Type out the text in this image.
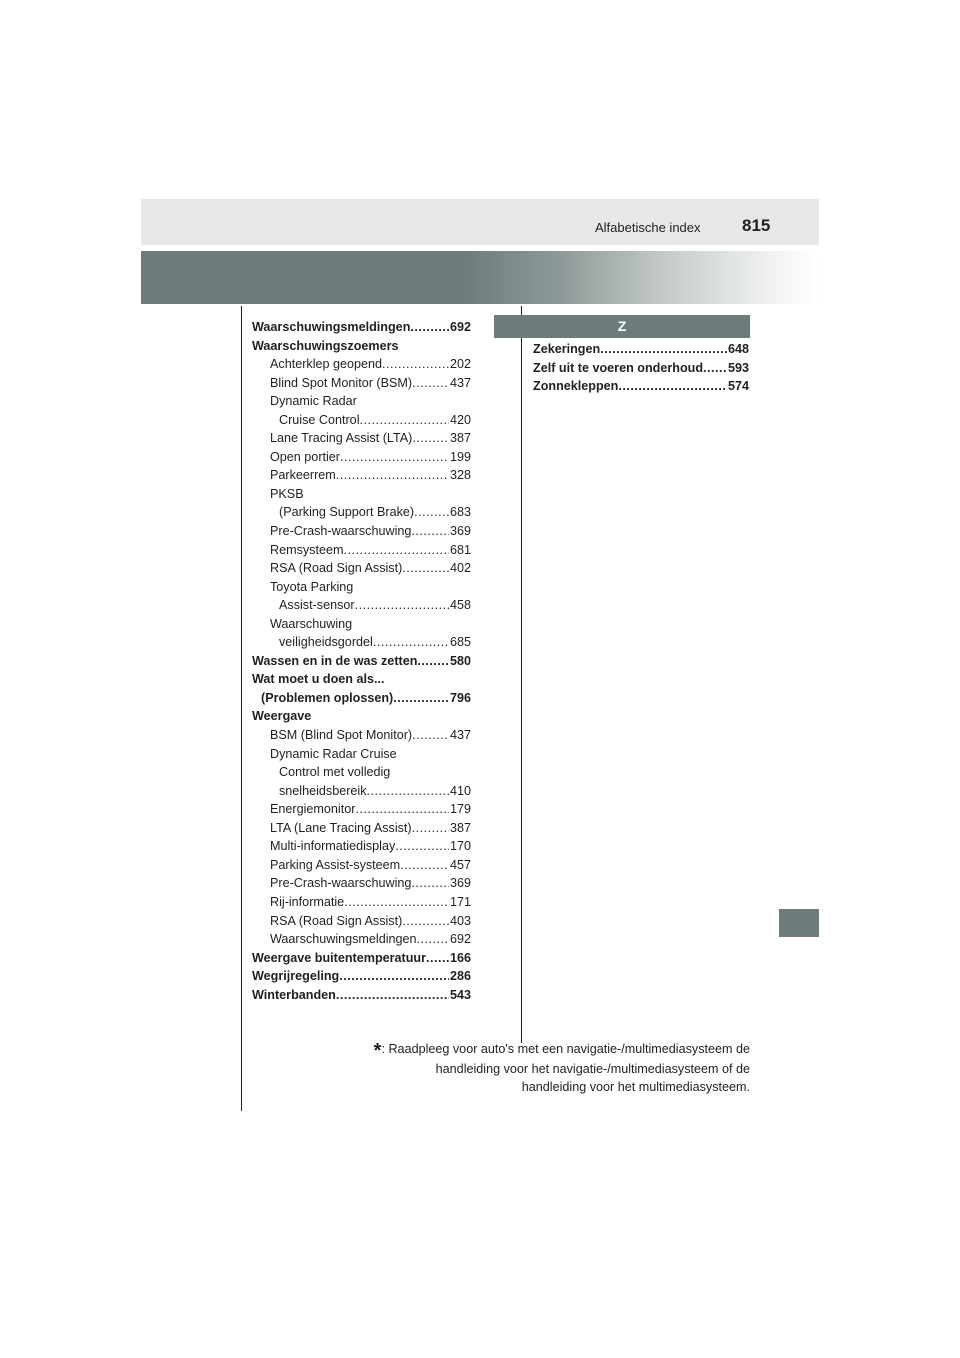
Alfabetische index 815
Waarschuwingsmeldingen .....	692
Waarschuwingszoemers
Achterklep geopend .....	202
Blind Spot Monitor (BSM) .....	437
Dynamic Radar
Cruise Control .....	420
Lane Tracing Assist (LTA) .....	387
Open portier .....	199
Parkeerrem .....	328
PKSB
(Parking Support Brake) .....	683
Pre-Crash-waarschuwing .....	369
Remsysteem .....	681
RSA (Road Sign Assist) .....	402
Toyota Parking
Assist-sensor .....	458
Waarschuwing
veiligheidsgordel .....	685
Wassen en in de was zetten .....	580
Wat moet u doen als...
(Problemen oplossen) .....	796
Weergave
BSM (Blind Spot Monitor) .....	437
Dynamic Radar Cruise
Control met volledig
snelheidsbereik .....	410
Energiemonitor .....	179
LTA (Lane Tracing Assist) .....	387
Multi-informatiedisplay .....	170
Parking Assist-systeem .....	457
Pre-Crash-waarschuwing .....	369
Rij-informatie .....	171
RSA (Road Sign Assist) .....	403
Waarschuwingsmeldingen .....	692
Weergave buitentemperatuur ..... 166
Wegrijregeling .....	286
Winterbanden .....	543
Z
Zekeringen .....	648
Zelf uit te voeren onderhoud ..... 593
Zonnekleppen .....	574
*: Raadpleeg voor auto's met een navigatie-/multimediasysteem de
handleiding voor het navigatie-/multimediasysteem of de
handleiding voor het multimediasysteem.
